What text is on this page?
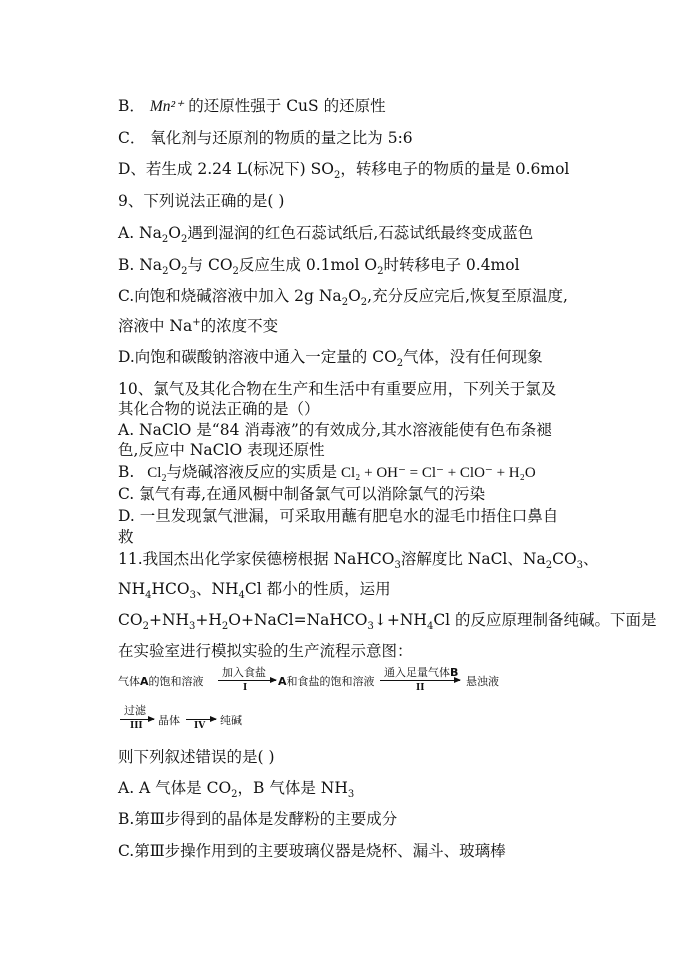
B． Mn²⁺ 的还原性强于 CuS 的还原性
C． 氧化剂与还原剂的物质的量之比为 5:6
D、若生成 2.24 L(标况下) $SO_2$，转移电子的物质的量是 0.6mol
9、下列说法正确的是( )
A. $Na_2O_2$遇到湿润的红色石蕊试纸后,石蕊试纸最终变成蓝色
B. $Na_2O_2$与 $CO_2$反应生成 0.1mol $O_2$时转移电子 0.4mol
C.向饱和烧碱溶液中加入 2g $Na_2O_2$,充分反应完后,恢复至原温度,
溶液中 Na+的浓度不变
D.向饱和碳酸钠溶液中通入一定量的 $CO_2$气体，没有任何现象
10、氯气及其化合物在生产和生活中有重要应用，下列关于氯及
其化合物的说法正确的是（）
A. NaClO 是“84 消毒液”的有效成分,其水溶液能使有色布条褪
色,反应中 NaClO 表现还原性
B. $Cl_2$与烧碱溶液反应的实质是 Cl₂ + OH⁻ = Cl⁻ + ClO⁻ + H₂O
C. 氯气有毒,在通风橱中制备氯气可以消除氯气的污染
D. 一旦发现氯气泄漏，可采取用蘸有肥皂水的湿毛巾捂住口鼻自
救
11.我国杰出化学家侯德榜根据 NaHCO$_3$溶解度比 NaCl、$Na_2CO_3$、
$NH_4HCO_3$、$NH_4Cl$ 都小的性质，运用
$CO_2+NH_3+H_2O+NaCl=NaHCO_3↓+NH_4Cl$ 的反应原理制备纯碱。下面是
在实验室进行模拟实验的生产流程示意图：
气体A的饱和溶液
加入食盐
I	A和食盐的饱和溶液
通入足量气体B
II	悬浊液
过滤
III 晶体 IV 纯碱
则下列叙述错误的是( )
A. A 气体是 $CO_2$，B 气体是 $NH_3$
B.第Ⅲ步得到的晶体是发酵粉的主要成分
C.第Ⅲ步操作用到的主要玻璃仪器是烧杯、漏斗、玻璃棒
